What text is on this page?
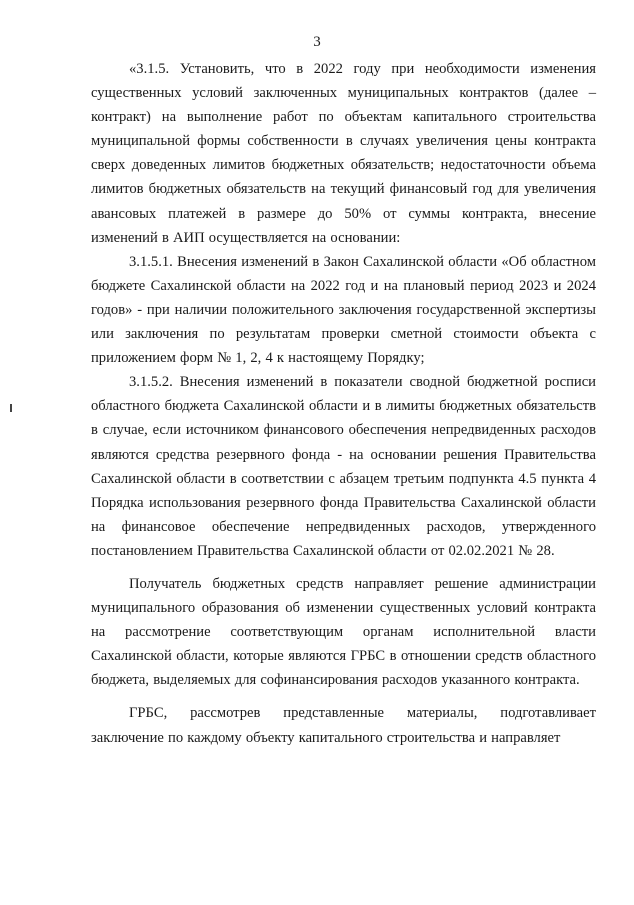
3

«3.1.5. Установить, что в 2022 году при необходимости изменения существенных условий заключенных муниципальных контрактов (далее – контракт) на выполнение работ по объектам капитального строительства муниципальной формы собственности в случаях увеличения цены контракта сверх доведенных лимитов бюджетных обязательств; недостаточности объема лимитов бюджетных обязательств на текущий финансовый год для увеличения авансовых платежей в размере до 50% от суммы контракта, внесение изменений в АИП осуществляется на основании:

3.1.5.1. Внесения изменений в Закон Сахалинской области «Об областном бюджете Сахалинской области на 2022 год и на плановый период 2023 и 2024 годов» - при наличии положительного заключения государственной экспертизы или заключения по результатам проверки сметной стоимости объекта с приложением форм № 1, 2, 4 к настоящему Порядку;

3.1.5.2. Внесения изменений в показатели сводной бюджетной росписи областного бюджета Сахалинской области и в лимиты бюджетных обязательств в случае, если источником финансового обеспечения непредвиденных расходов являются средства резервного фонда - на основании решения Правительства Сахалинской области в соответствии с абзацем третьим подпункта 4.5 пункта 4 Порядка использования резервного фонда Правительства Сахалинской области на финансовое обеспечение непредвиденных расходов, утвержденного постановлением Правительства Сахалинской области от 02.02.2021 № 28.

Получатель бюджетных средств направляет решение администрации муниципального образования об изменении существенных условий контракта на рассмотрение соответствующим органам исполнительной власти Сахалинской области, которые являются ГРБС в отношении средств областного бюджета, выделяемых для софинансирования расходов указанного контракта.

ГРБС, рассмотрев представленные материалы, подготавливает заключение по каждому объекту капитального строительства и направляет
